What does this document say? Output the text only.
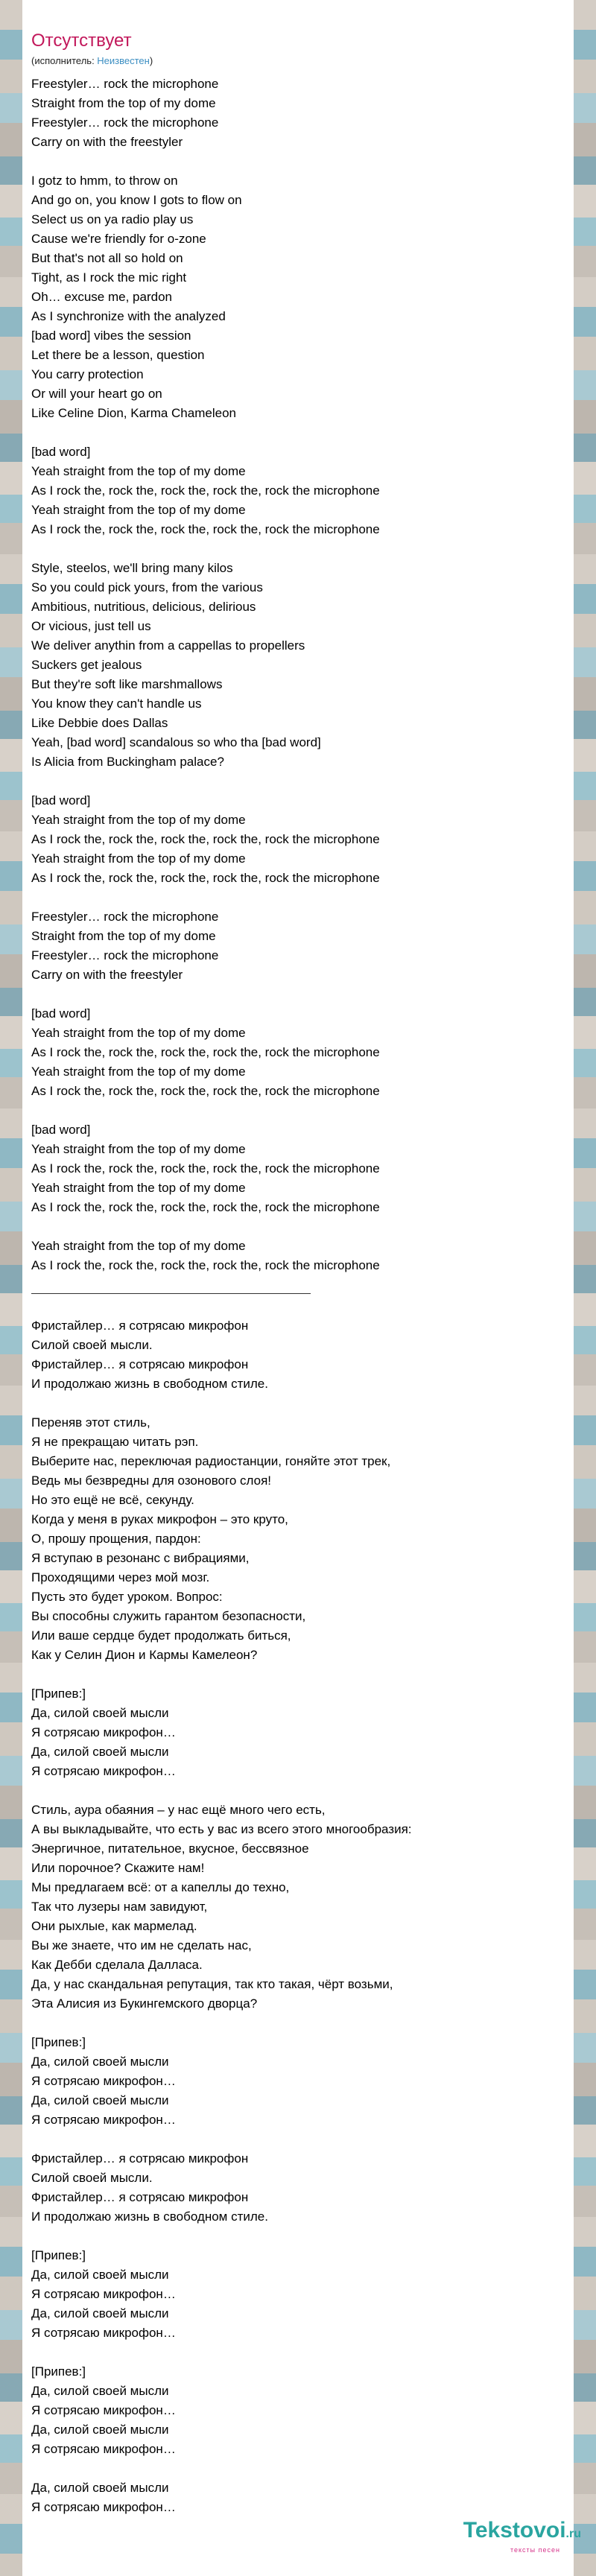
Отсутствует
(исполнитель: Неизвестен)
Freestyler… rock the microphone
Straight from the top of my dome
Freestyler… rock the microphone
Carry on with the freestyler

I gotz to hmm, to throw on
And go on, you know I gots to flow on
Select us on ya radio play us
Cause we're friendly for o-zone
But that's not all so hold on
Tight, as I rock the mic right
Oh… excuse me, pardon
As I synchronize with the analyzed
[bad word] vibes the session
Let there be a lesson, question
You carry protection
Or will your heart go on
Like Celine Dion, Karma Chameleon

[bad word]
Yeah straight from the top of my dome
As I rock the, rock the, rock the, rock the, rock the microphone
Yeah straight from the top of my dome
As I rock the, rock the, rock the, rock the, rock the microphone

Style, steelos, we'll bring many kilos
So you could pick yours, from the various
Ambitious, nutritious, delicious, delirious
Or vicious, just tell us
We deliver anythin from a cappellas to propellers
Suckers get jealous
But they're soft like marshmallows
You know they can't handle us
Like Debbie does Dallas
Yeah, [bad word] scandalous so who tha [bad word]
Is Alicia from Buckingham palace?

[bad word]
Yeah straight from the top of my dome
As I rock the, rock the, rock the, rock the, rock the microphone
Yeah straight from the top of my dome
As I rock the, rock the, rock the, rock the, rock the microphone

Freestyler… rock the microphone
Straight from the top of my dome
Freestyler… rock the microphone
Carry on with the freestyler

[bad word]
Yeah straight from the top of my dome
As I rock the, rock the, rock the, rock the, rock the microphone
Yeah straight from the top of my dome
As I rock the, rock the, rock the, rock the, rock the microphone

[bad word]
Yeah straight from the top of my dome
As I rock the, rock the, rock the, rock the, rock the microphone
Yeah straight from the top of my dome
As I rock the, rock the, rock the, rock the, rock the microphone

Yeah straight from the top of my dome
As I rock the, rock the, rock the, rock the, rock the microphone
Фристайлер… я сотрясаю микрофон
Силой своей мысли.
Фристайлер… я сотрясаю микрофон
И продолжаю жизнь в свободном стиле.

Переняв этот стиль,
Я не прекращаю читать рэп.
Выберите нас, переключая радиостанции, гоняйте этот трек,
Ведь мы безвредны для озонового слоя!
Но это ещё не всё, секунду.
Когда у меня в руках микрофон – это круто,
О, прошу прощения, пардон:
Я вступаю в резонанс с вибрациями,
Проходящими через мой мозг.
Пусть это будет уроком. Вопрос:
Вы способны служить гарантом безопасности,
Или ваше сердце будет продолжать биться,
Как у Селин Дион и Кармы Камелеон?

[Припев:]
Да, силой своей мысли
Я сотрясаю микрофон…
Да, силой своей мысли
Я сотрясаю микрофон…

Стиль, аура обаяния – у нас ещё много чего есть,
А вы выкладывайте, что есть у вас из всего этого многообразия:
Энергичное, питательное, вкусное, бессвязное
Или порочное? Скажите нам!
Мы предлагаем всё: от а капеллы до техно,
Так что лузеры нам завидуют,
Они рыхлые, как мармелад.
Вы же знаете, что им не сделать нас,
Как Дебби сделала Далласа.
Да, у нас скандальная репутация, так кто такая, чёрт возьми,
Эта Алисия из Букингемского дворца?

[Припев:]
Да, силой своей мысли
Я сотрясаю микрофон…
Да, силой своей мысли
Я сотрясаю микрофон…

Фристайлер… я сотрясаю микрофон
Силой своей мысли.
Фристайлер… я сотрясаю микрофон
И продолжаю жизнь в свободном стиле.

[Припев:]
Да, силой своей мысли
Я сотрясаю микрофон…
Да, силой своей мысли
Я сотрясаю микрофон…

[Припев:]
Да, силой своей мысли
Я сотрясаю микрофон…
Да, силой своей мысли
Я сотрясаю микрофон…

Да, силой своей мысли
Я сотрясаю микрофон…
Tekstovoi.ru
тексты песен
